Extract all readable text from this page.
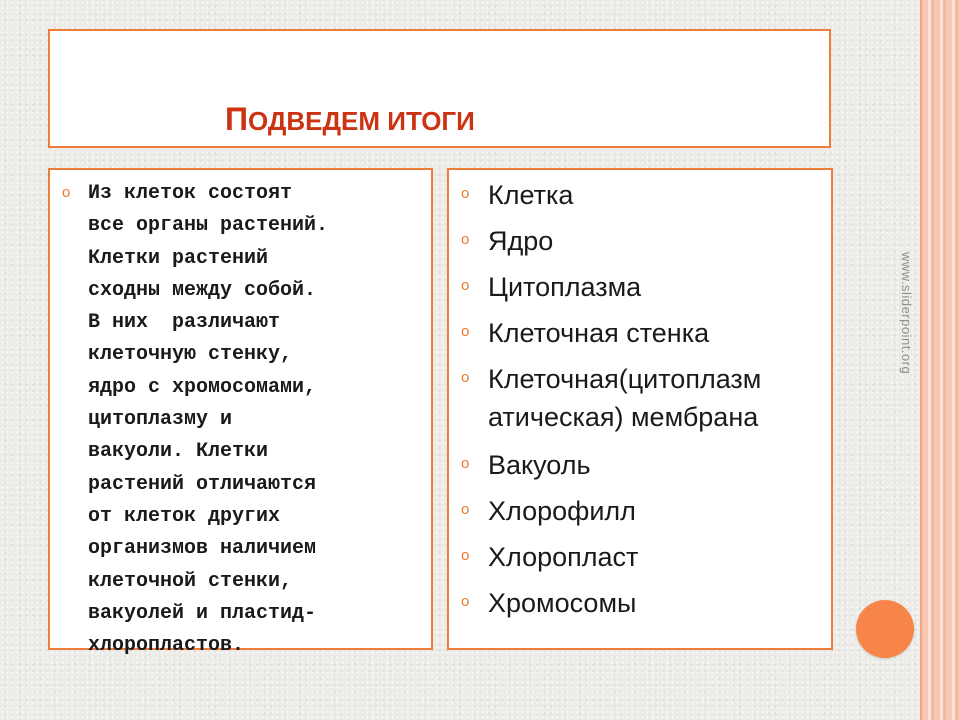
ПОДВЕДЕМ ИТОГИ
o Из клеток состоят
все органы растений.
Клетки растений
сходны между собой.
В них  различают
клеточную стенку,
ядро с хромосомами,
цитоплазму и
вакуоли. Клетки
растений отличаются
от клеток других
организмов наличием
клеточной стенки,
вакуолей и пластид-
хлоропластов.

o Клетка
o Ядро
o Цитоплазма
o Клеточная стенка
o Клеточная(цитоплазм атическая) мембрана
o Вакуоль
o Хлорофилл
o Хлоропласт
o Хромосомы
www.sliderpoint.org
